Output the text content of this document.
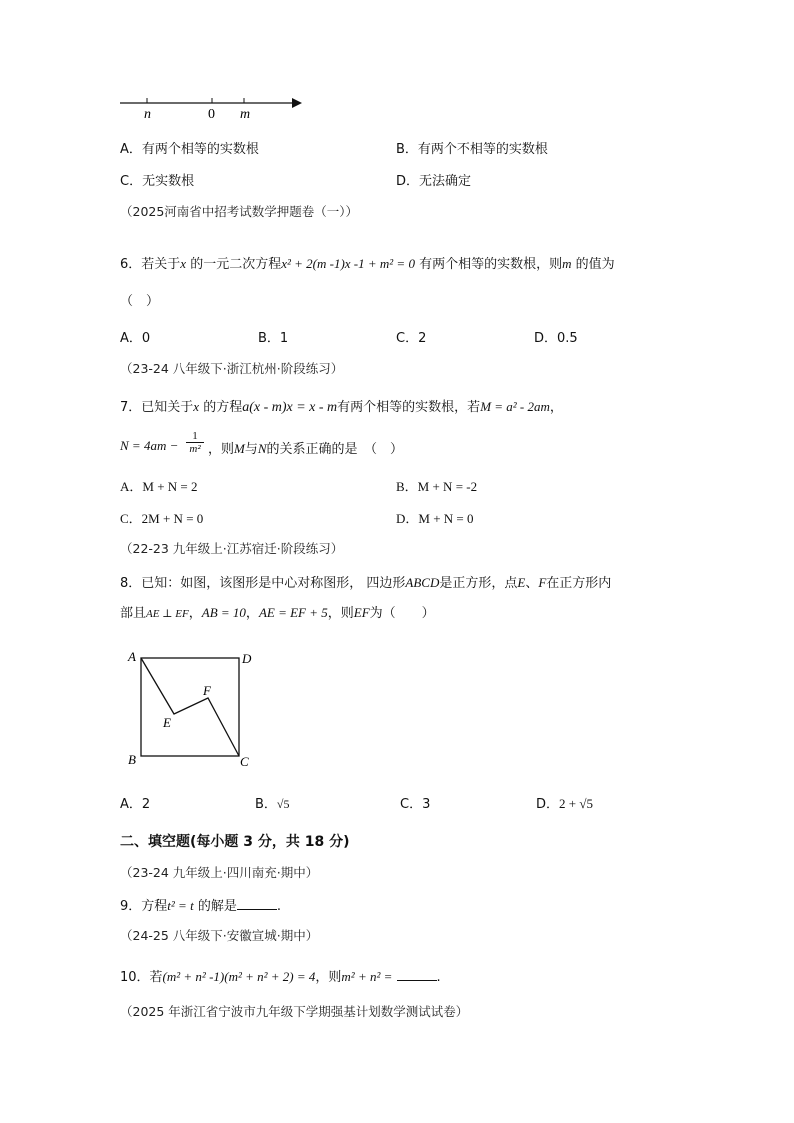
n	0 m
A．有两个相等的实数根	B．有两个不相等的实数根
C．无实数根	D．无法确定
（2025河南省中招考试数学押题卷（一））
6．若关于x 的一元二次方程x² + 2(m -1)x -1 + m² = 0 有两个相等的实数根，则m 的值为
（　）
A．0	B．1	C．2	D．0.5
（23-24 八年级下·浙江杭州·阶段练习）
7．已知关于x 的方程a(x - m)x = x - m有两个相等的实数根，若M = a² - 2am，
$N = 4am - \frac{1}{\text{m²}}$ ，则M与N的关系正确的是　（　）
A．M + N = 2	B．M + N = -2
C．2M + N = 0	D．M + N = 0
（22-23 九年级上·江苏宿迁·阶段练习）
8．已知：如图，该图形是中心对称图形， 四边形ABCD是正方形，点E、F在正方形内
部且AE ⊥ EF，AB = 10，AE = EF + 5，则EF为（　　）
A	D
B	C
E
F
A．2	B．√5	C．3	D．2 + √5
二、填空题(每小题 3 分，共 18 分)
（23-24 九年级上·四川南充·期中）
9．方程t² = t 的解是	.
（24-25 八年级下·安徽宣城·期中）
10．若(m² + n² -1)(m² + n² + 2) = 4，则m² + n² =	.
（2025 年浙江省宁波市九年级下学期强基计划数学测试试卷）
